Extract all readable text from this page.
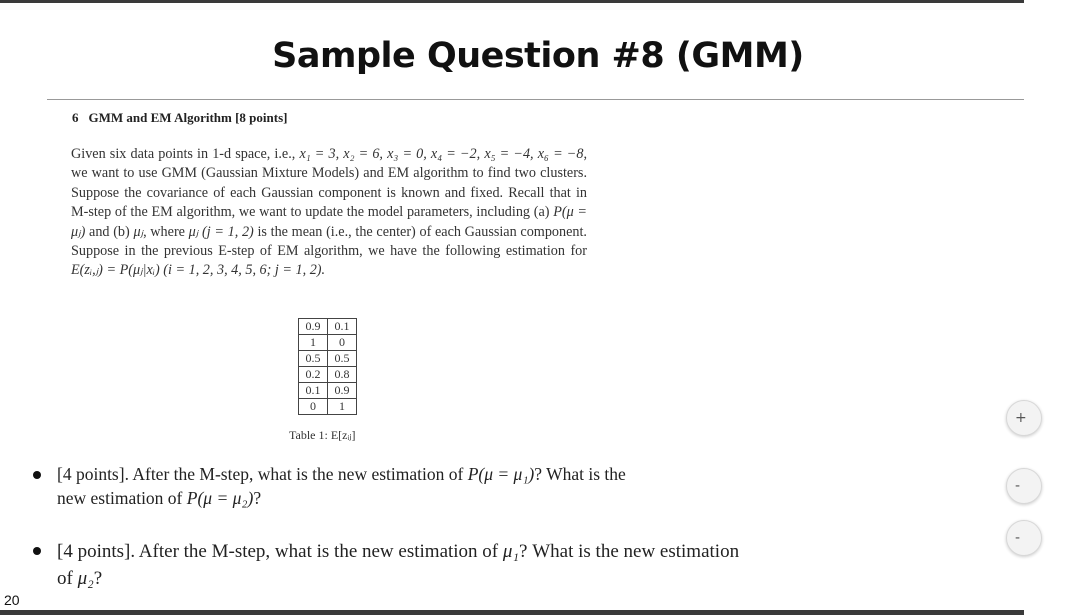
Sample Question #8 (GMM)
6 GMM and EM Algorithm [8 points]
Given six data points in 1-d space, i.e., x₁ = 3, x₂ = 6, x₃ = 0, x₄ = −2, x₅ = −4, x₆ = −8, we want to use GMM (Gaussian Mixture Models) and EM algorithm to find two clusters. Suppose the covariance of each Gaussian component is known and fixed. Recall that in M-step of the EM algorithm, we want to update the model parameters, including (a) P(μ = μⱼ) and (b) μⱼ, where μⱼ (j = 1, 2) is the mean (i.e., the center) of each Gaussian component. Suppose in the previous E-step of EM algorithm, we have the following estimation for E(zᵢ,ⱼ) = P(μⱼ|xᵢ) (i = 1, 2, 3, 4, 5, 6; j = 1, 2).
0.9	0.1
1	0
0.5	0.5
0.2	0.8
0.1	0.9
0	1
Table 1: E[zᵢⱼ]
[4 points]. After the M-step, what is the new estimation of P(μ = μ₁)? What is the new estimation of P(μ = μ₂)?
[4 points]. After the M-step, what is the new estimation of μ₁? What is the new estimation of μ₂?
20
+
-
-
